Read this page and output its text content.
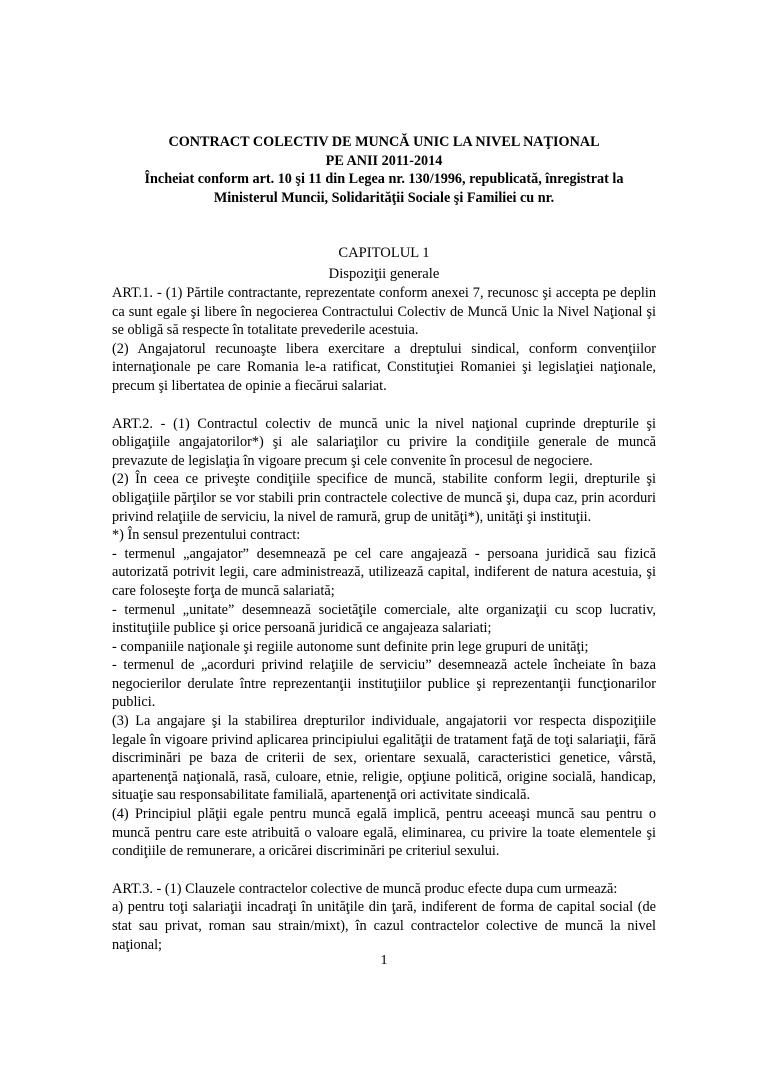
CONTRACT COLECTIV DE MUNCĂ UNIC LA NIVEL NAŢIONAL
PE ANII 2011-2014
Încheiat conform art. 10 şi 11 din Legea nr. 130/1996, republicată, înregistrat la
Ministerul Muncii, Solidarităţii Sociale şi Familiei cu nr.
CAPITOLUL 1
Dispoziţii generale

ART.1. - (1) Părtile contractante, reprezentate conform anexei 7, recunosc şi accepta pe deplin ca sunt egale şi libere în negocierea Contractului Colectiv de Muncă Unic la Nivel Naţional şi se obligă să respecte în totalitate prevederile acestuia.

(2) Angajatorul recunoaşte libera exercitare a dreptului sindical, conform convenţiilor internaţionale pe care Romania le-a ratificat, Constituţiei Romaniei şi legislaţiei naţionale, precum şi libertatea de opinie a fiecărui salariat.

ART.2. - (1) Contractul colectiv de muncă unic la nivel naţional cuprinde drepturile şi obligaţiile angajatorilor*) şi ale salariaţilor cu privire la condiţiile generale de muncă prevazute de legislaţia în vigoare precum şi cele convenite în procesul de negociere.

(2) În ceea ce priveşte condiţiile specifice de muncă, stabilite conform legii, drepturile şi obligaţiile părţilor se vor stabili prin contractele colective de muncă şi, dupa caz, prin acorduri privind relaţiile de serviciu, la nivel de ramură, grup de unităţi*), unităţi şi instituţii.

*) În sensul prezentului contract:

- termenul „angajator” desemnează pe cel care angajează - persoana juridică sau fizică autorizată potrivit legii, care administrează, utilizează capital, indiferent de natura acestuia, şi care foloseşte forţa de muncă salariată;

- termenul „unitate” desemnează societăţile comerciale, alte organizaţii cu scop lucrativ, instituţiile publice şi orice persoană juridică ce angajeaza salariati;

- companiile naţionale şi regiile autonome sunt definite prin lege grupuri de unităţi;

- termenul de „acorduri privind relaţiile de serviciu” desemnează actele încheiate în baza negocierilor derulate între reprezentanţii instituţiilor publice şi reprezentanţii funcţionarilor publici.

(3) La angajare şi la stabilirea drepturilor individuale, angajatorii vor respecta dispoziţiile legale în vigoare privind aplicarea principiului egalităţii de tratament faţă de toţi salariaţii, fără discriminări pe baza de criterii de sex, orientare sexuală, caracteristici genetice, vârstă, apartenenţă naţională, rasă, culoare, etnie, religie, opţiune politică, origine socială, handicap, situaţie sau responsabilitate familială, apartenenţă ori activitate sindicală.

(4) Principiul plăţii egale pentru muncă egală implică, pentru aceeaşi muncă sau pentru o muncă pentru care este atribuită o valoare egală, eliminarea, cu privire la toate elementele şi condiţiile de remunerare, a oricărei discriminări pe criteriul sexului.

ART.3. - (1) Clauzele contractelor colective de muncă produc efecte dupa cum urmează:

a) pentru toţi salariaţii incadraţi în unităţile din ţară, indiferent de forma de capital social (de stat sau privat, roman sau strain/mixt), în cazul contractelor colective de muncă la nivel naţional;

1
